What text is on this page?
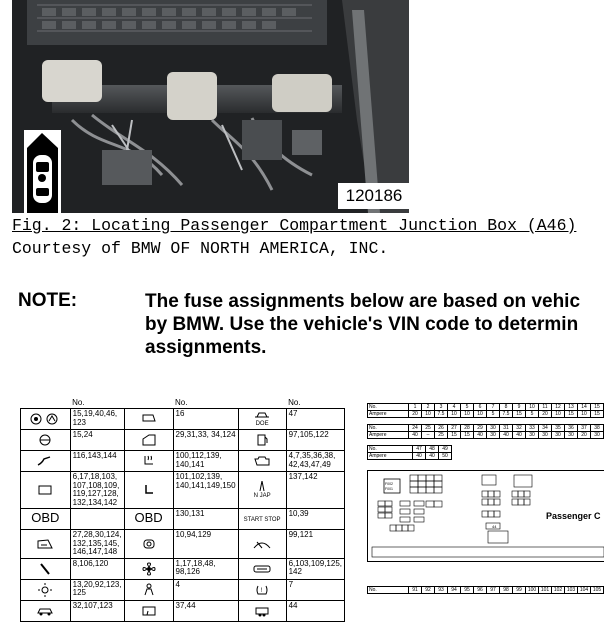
120186
Fig. 2: Locating Passenger Compartment Junction Box (A46)
Courtesy of BMW OF NORTH AMERICA, INC.
NOTE:	The fuse assignments below are based on vehic
by BMW. Use the vehicle's VIN code to determin
assignments.
	No.		No.		No.

	15,19,40,46, 123		16	DOE	47

	15,24		29,31,33, 34,124		97,105,122

	116,143,144		100,112,139, 140,141		4,7,35,36,38, 42,43,47,49

	6,17,18,103, 107,108,109, 119,127,128, 132,134,142		101,102,139, 140,141,149,150	N JAP	137,142
OBD		OBD	130,131	START STOP	10,39

	27,28,30,124, 132,135,145, 146,147,148		10,94,129		99,121

	8,106,120		1,17,18,48, 98,126		6,103,109,125, 142

	13,20,92,123, 125		4	!	7

	32,107,123		37,44		44
No.	1	2	3	4	5	6	7	8	9	10	11	12	13	14	15
Ampere	20	10	7.5	10	10	10	5	7.5	15	5	20	10	15	10	15
No.	24	25	26	27	28	29	30	31	32	33	34	35	36	37	38
Ampere	40	–	25	15	15	40	30	40	40	30	30	30	30	20	30
No.	47	48	49
Ampere	40	40	50
F002
F001
44
Passenger C
No.	91	92	93	94	95	96	97	98	99	100	101	102	103	104	105
